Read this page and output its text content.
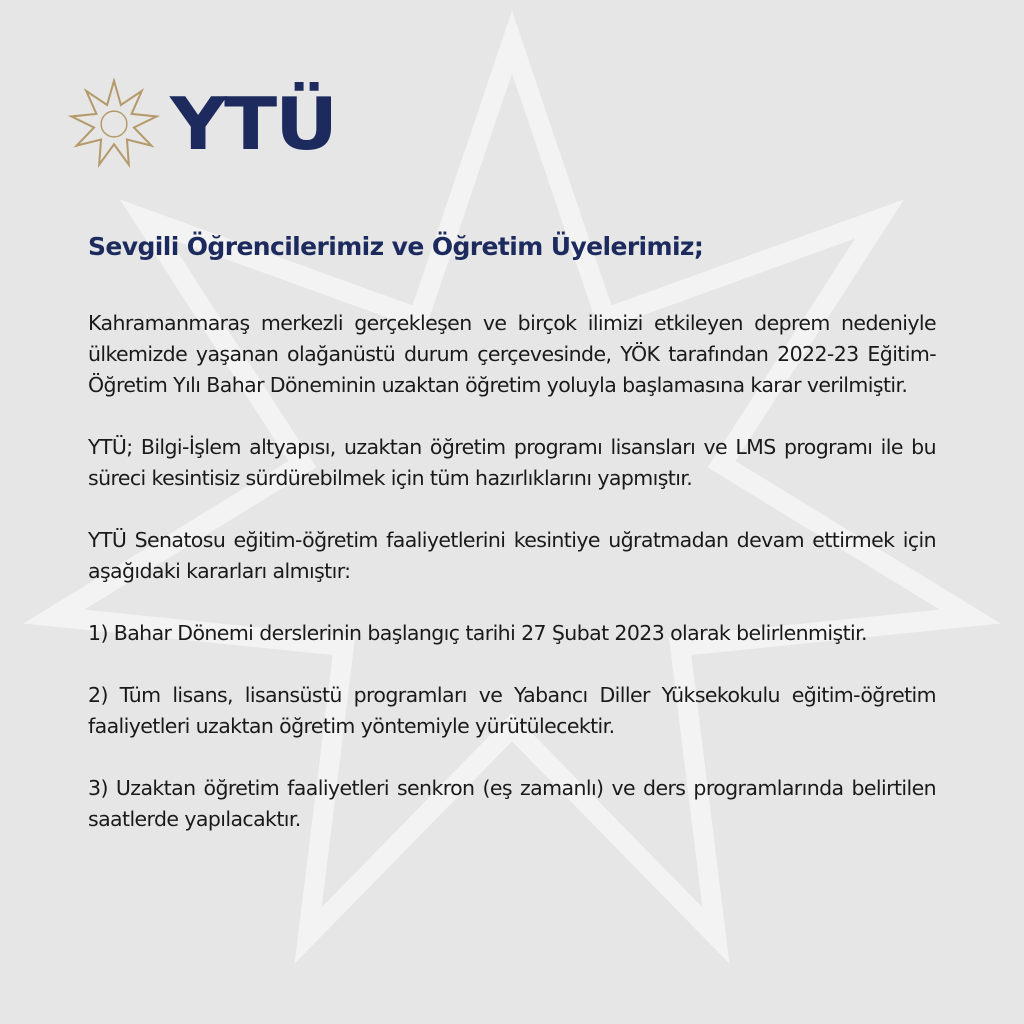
YTÜ
Sevgili Öğrencilerimiz ve Öğretim Üyelerimiz;

Kahramanmaraş merkezli gerçekleşen ve birçok ilimizi etkileyen deprem nedeniyle ülkemizde yaşanan olağanüstü durum çerçevesinde, YÖK tarafından 2022-23 Eğitim-Öğretim Yılı Bahar Döneminin uzaktan öğretim yoluyla başlamasına karar verilmiştir.

YTÜ; Bilgi-İşlem altyapısı, uzaktan öğretim programı lisansları ve LMS programı ile bu süreci kesintisiz sürdürebilmek için tüm hazırlıklarını yapmıştır.

YTÜ Senatosu eğitim-öğretim faaliyetlerini kesintiye uğratmadan devam ettirmek için aşağıdaki kararları almıştır:

1) Bahar Dönemi derslerinin başlangıç tarihi 27 Şubat 2023 olarak belirlenmiştir.

2) Tüm lisans, lisansüstü programları ve Yabancı Diller Yüksekokulu eğitim-öğretim faaliyetleri uzaktan öğretim yöntemiyle yürütülecektir.

3) Uzaktan öğretim faaliyetleri senkron (eş zamanlı) ve ders programlarında belirtilen saatlerde yapılacaktır.
